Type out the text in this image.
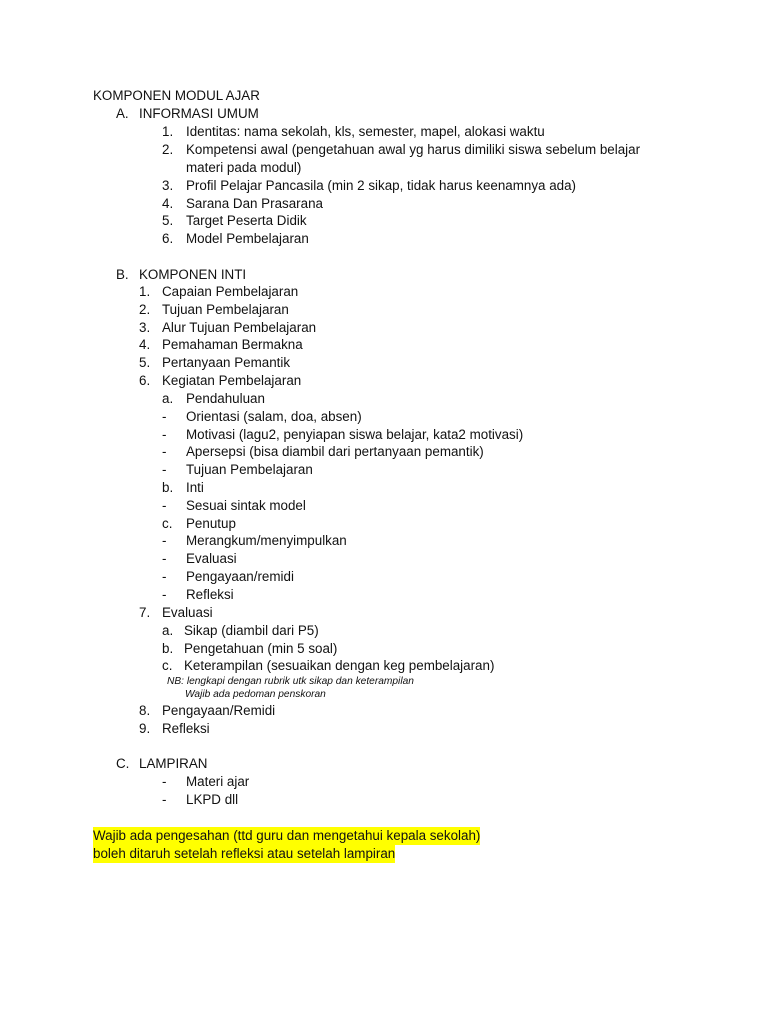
KOMPONEN MODUL AJAR
A. INFORMASI UMUM
1. Identitas: nama sekolah, kls, semester, mapel, alokasi waktu
2. Kompetensi awal (pengetahuan awal yg harus dimiliki siswa sebelum belajar
materi pada modul)
3. Profil Pelajar Pancasila (min 2 sikap, tidak harus keenamnya ada)
4. Sarana Dan Prasarana
5. Target Peserta Didik
6. Model Pembelajaran
B. KOMPONEN INTI
1. Capaian Pembelajaran
2. Tujuan Pembelajaran
3. Alur Tujuan Pembelajaran
4. Pemahaman Bermakna
5. Pertanyaan Pemantik
6. Kegiatan Pembelajaran
a. Pendahuluan
- Orientasi (salam, doa, absen)
- Motivasi (lagu2, penyiapan siswa belajar, kata2 motivasi)
- Apersepsi (bisa diambil dari pertanyaan pemantik)
- Tujuan Pembelajaran
b. Inti
- Sesuai sintak model
c. Penutup
- Merangkum/menyimpulkan
- Evaluasi
- Pengayaan/remidi
- Refleksi
7. Evaluasi
a. Sikap (diambil dari P5)
b. Pengetahuan (min 5 soal)
c. Keterampilan (sesuaikan dengan keg pembelajaran)
NB: lengkapi dengan rubrik utk sikap dan keterampilan
Wajib ada pedoman penskoran
8. Pengayaan/Remidi
9. Refleksi
C. LAMPIRAN
- Materi ajar
- LKPD dll
Wajib ada pengesahan (ttd guru dan mengetahui kepala sekolah)
boleh ditaruh setelah refleksi atau setelah lampiran
